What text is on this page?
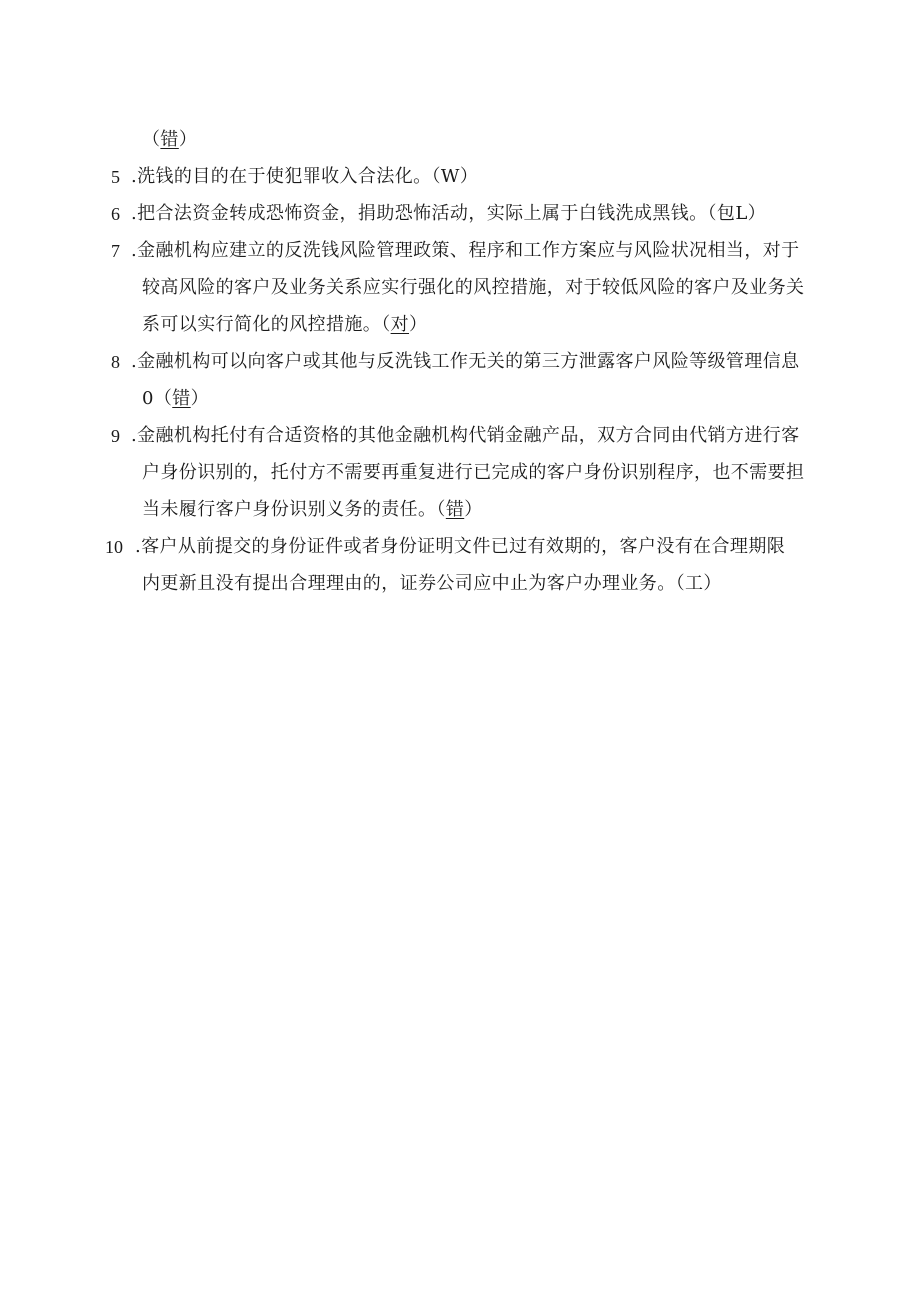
（错）
5 .洗钱的目的在于使犯罪收入合法化。（W）
6 .把合法资金转成恐怖资金，捐助恐怖活动，实际上属于白钱洗成黑钱。（包L）
7 .金融机构应建立的反洗钱风险管理政策、程序和工作方案应与风险状况相当，对于
较高风险的客户及业务关系应实行强化的风控措施，对于较低风险的客户及业务关
系可以实行简化的风控措施。（对）
8 .金融机构可以向客户或其他与反洗钱工作无关的第三方泄露客户风险等级管理信息
0（错）
9 .金融机构托付有合适资格的其他金融机构代销金融产品，双方合同由代销方进行客
户身份识别的，托付方不需要再重复进行已完成的客户身份识别程序，也不需要担
当未履行客户身份识别义务的责任。（错）
10 .客户从前提交的身份证件或者身份证明文件已过有效期的，客户没有在合理期限
内更新且没有提出合理理由的，证券公司应中止为客户办理业务。（工）
